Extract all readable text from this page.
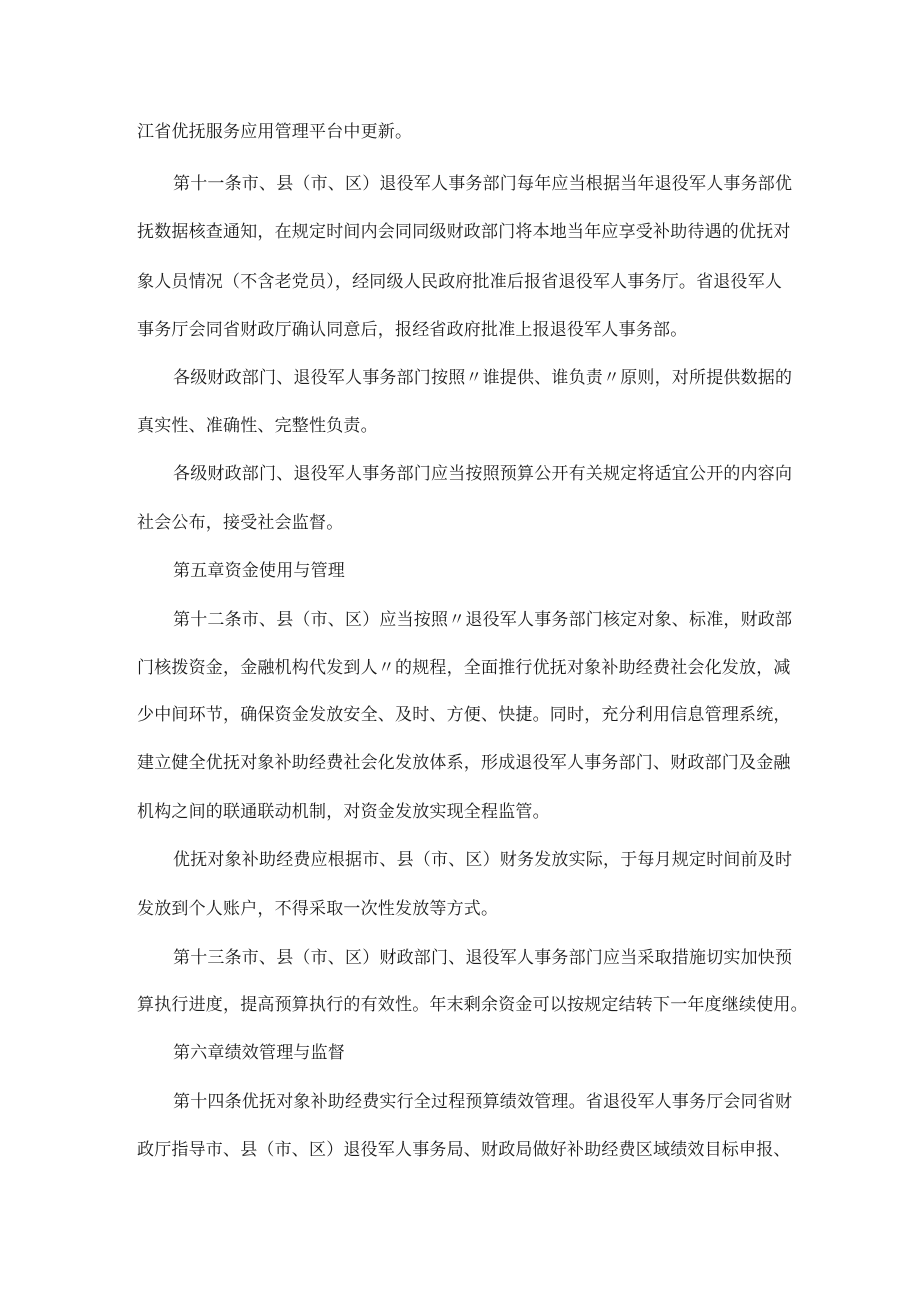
江省优抚服务应用管理平台中更新。
第十一条市、县（市、区）退役军人事务部门每年应当根据当年退役军人事务部优
抚数据核查通知，在规定时间内会同同级财政部门将本地当年应享受补助待遇的优抚对
象人员情况（不含老党员），经同级人民政府批准后报省退役军人事务厅。省退役军人
事务厅会同省财政厅确认同意后，报经省政府批准上报退役军人事务部。
各级财政部门、退役军人事务部门按照〃谁提供、谁负责〃原则，对所提供数据的
真实性、准确性、完整性负责。
各级财政部门、退役军人事务部门应当按照预算公开有关规定将适宜公开的内容向
社会公布，接受社会监督。
第五章资金使用与管理
第十二条市、县（市、区）应当按照〃退役军人事务部门核定对象、标准，财政部
门核拨资金，金融机构代发到人〃的规程，全面推行优抚对象补助经费社会化发放，减
少中间环节，确保资金发放安全、及时、方便、快捷。同时，充分利用信息管理系统，
建立健全优抚对象补助经费社会化发放体系，形成退役军人事务部门、财政部门及金融
机构之间的联通联动机制，对资金发放实现全程监管。
优抚对象补助经费应根据市、县（市、区）财务发放实际，于每月规定时间前及时
发放到个人账户，不得采取一次性发放等方式。
第十三条市、县（市、区）财政部门、退役军人事务部门应当采取措施切实加快预
算执行进度，提高预算执行的有效性。年末剩余资金可以按规定结转下一年度继续使用。
第六章绩效管理与监督
第十四条优抚对象补助经费实行全过程预算绩效管理。省退役军人事务厅会同省财
政厅指导市、县（市、区）退役军人事务局、财政局做好补助经费区域绩效目标申报、
